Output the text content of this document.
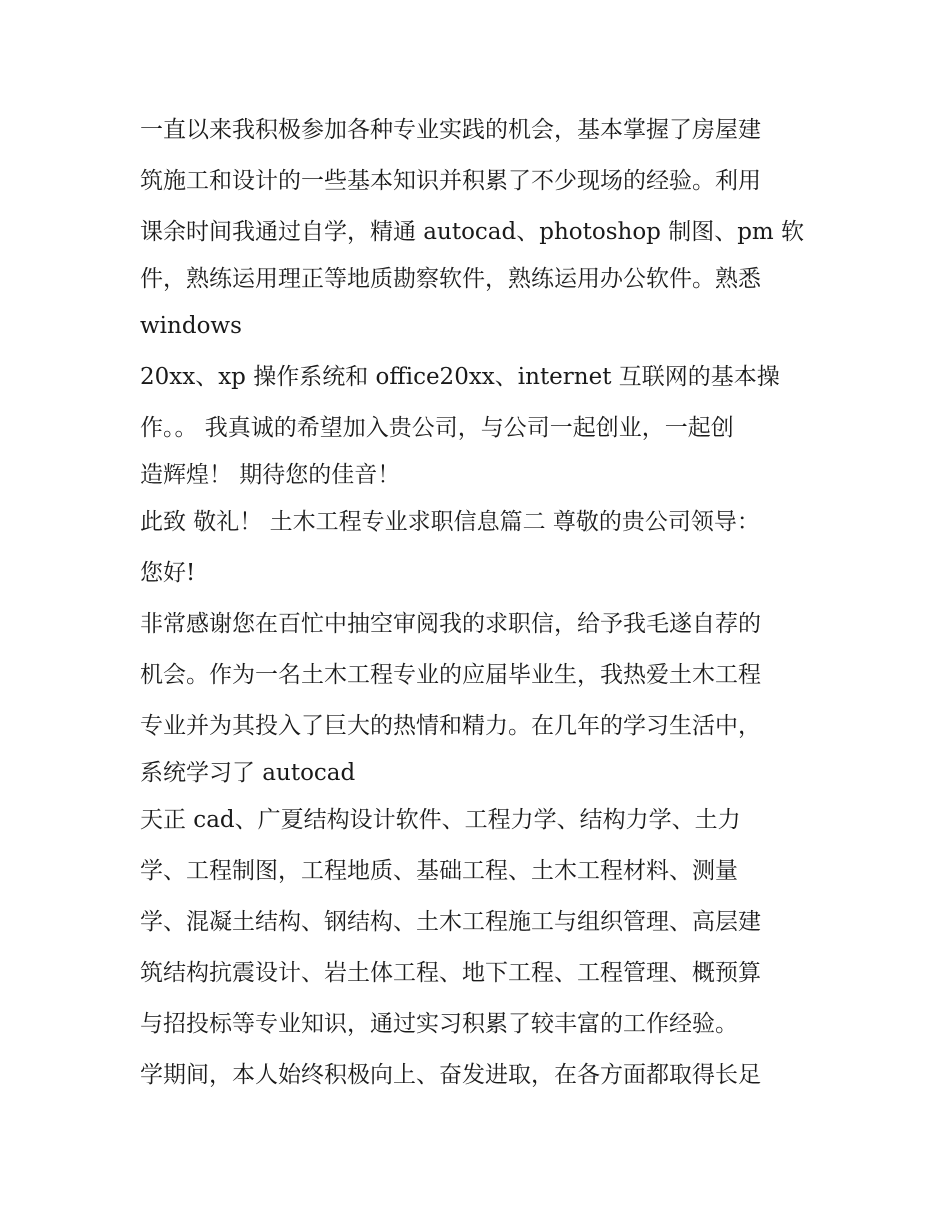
一直以来我积极参加各种专业实践的机会，基本掌握了房屋建
筑施工和设计的一些基本知识并积累了不少现场的经验。利用
课余时间我通过自学，精通 autocad、photoshop 制图、pm 软
件，熟练运用理正等地质勘察软件，熟练运用办公软件。熟悉
windows
20xx、xp 操作系统和 office20xx、internet 互联网的基本操
作。。 我真诚的希望加入贵公司，与公司一起创业，一起创
造辉煌！ 期待您的佳音！
此致 敬礼！ 土木工程专业求职信息篇二 尊敬的贵公司领导：
您好!
非常感谢您在百忙中抽空审阅我的求职信，给予我毛遂自荐的
机会。作为一名土木工程专业的应届毕业生，我热爱土木工程
专业并为其投入了巨大的热情和精力。在几年的学习生活中，
系统学习了 autocad
天正 cad、广夏结构设计软件、工程力学、结构力学、土力
学、工程制图，工程地质、基础工程、土木工程材料、测量
学、混凝土结构、钢结构、土木工程施工与组织管理、高层建
筑结构抗震设计、岩土体工程、地下工程、工程管理、概预算
与招投标等专业知识，通过实习积累了较丰富的工作经验。
学期间，本人始终积极向上、奋发进取，在各方面都取得长足
